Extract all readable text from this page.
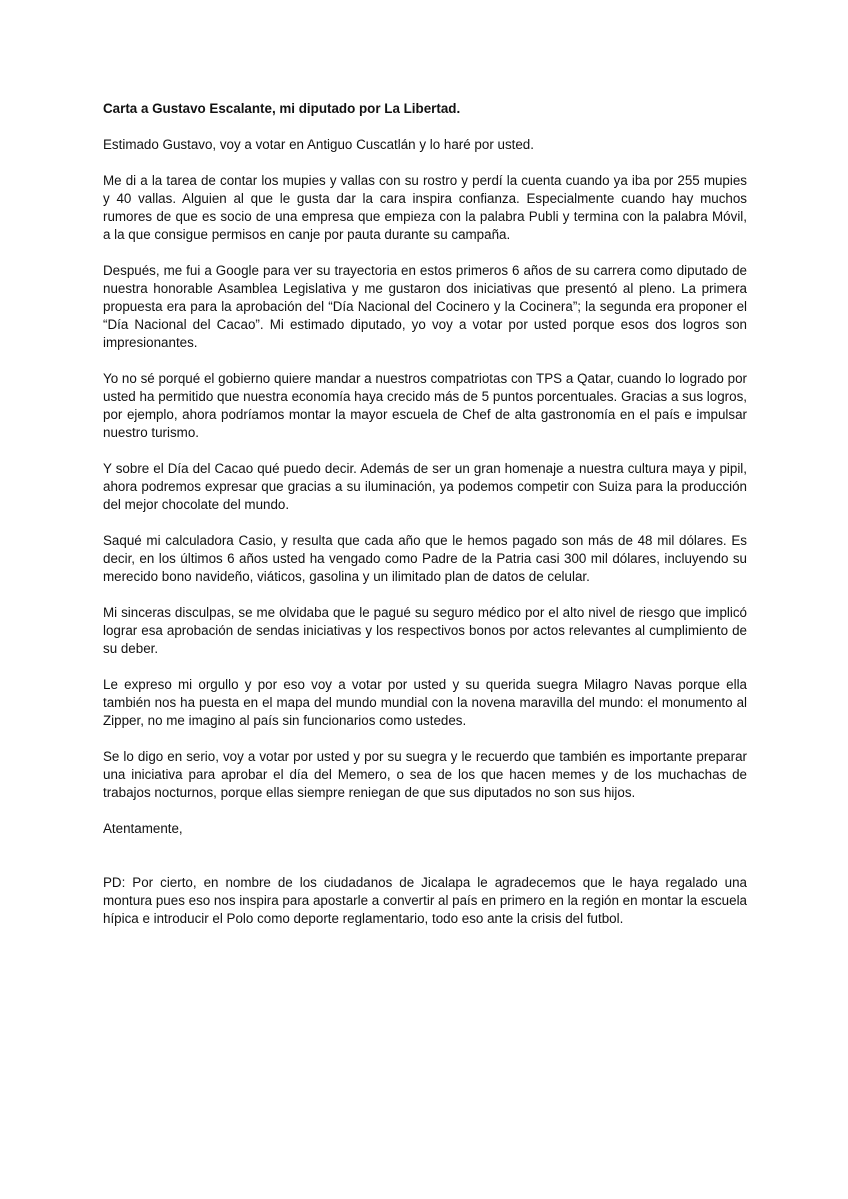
Carta a Gustavo Escalante, mi diputado por La Libertad.

Estimado Gustavo, voy a votar en Antiguo Cuscatlán y lo haré por usted.

Me di a la tarea de contar los mupies y vallas con su rostro y perdí la cuenta cuando ya iba por 255 mupies y 40 vallas. Alguien al que le gusta dar la cara inspira confianza. Especialmente cuando hay muchos rumores de que es socio de una empresa que empieza con la palabra Publi y termina con la palabra Móvil, a la que consigue permisos en canje por pauta durante su campaña.

Después, me fui a Google para ver su trayectoria en estos primeros 6 años de su carrera como diputado de nuestra honorable Asamblea Legislativa y me gustaron dos iniciativas que presentó al pleno. La primera propuesta era para la aprobación del “Día Nacional del Cocinero y la Cocinera”; la segunda era proponer el “Día Nacional del Cacao”. Mi estimado diputado, yo voy a votar por usted porque esos dos logros son impresionantes.

Yo no sé porqué el gobierno quiere mandar a nuestros compatriotas con TPS a Qatar, cuando lo logrado por usted ha permitido que nuestra economía haya crecido más de 5 puntos porcentuales. Gracias a sus logros, por ejemplo, ahora podríamos montar la mayor escuela de Chef de alta gastronomía en el país e impulsar nuestro turismo.

Y sobre el Día del Cacao qué puedo decir. Además de ser un gran homenaje a nuestra cultura maya y pipil, ahora podremos expresar que gracias a su iluminación, ya podemos competir con Suiza para la producción del mejor chocolate del mundo.

Saqué mi calculadora Casio, y resulta que cada año que le hemos pagado son más de 48 mil dólares. Es decir, en los últimos 6 años usted ha vengado como Padre de la Patria casi 300 mil dólares, incluyendo su merecido bono navideño, viáticos, gasolina y un ilimitado plan de datos de celular.

Mi sinceras disculpas, se me olvidaba que le pagué su seguro médico por el alto nivel de riesgo que implicó lograr esa aprobación de sendas iniciativas y los respectivos bonos por actos relevantes al cumplimiento de su deber.

Le expreso mi orgullo y por eso voy a votar por usted y su querida suegra Milagro Navas porque ella también nos ha puesta en el mapa del mundo mundial con la novena maravilla del mundo: el monumento al Zipper, no me imagino al país sin funcionarios como ustedes.

Se lo digo en serio, voy a votar por usted y por su suegra y le recuerdo que también es importante preparar una iniciativa para aprobar el día del Memero, o sea de los que hacen memes y de los muchachas de trabajos nocturnos, porque ellas siempre reniegan de que sus diputados no son sus hijos.

Atentamente,

PD: Por cierto, en nombre de los ciudadanos de Jicalapa le agradecemos que le haya regalado una montura pues eso nos inspira para apostarle a convertir al país en primero en la región en montar la escuela hípica e introducir el Polo como deporte reglamentario, todo eso ante la crisis del futbol.
